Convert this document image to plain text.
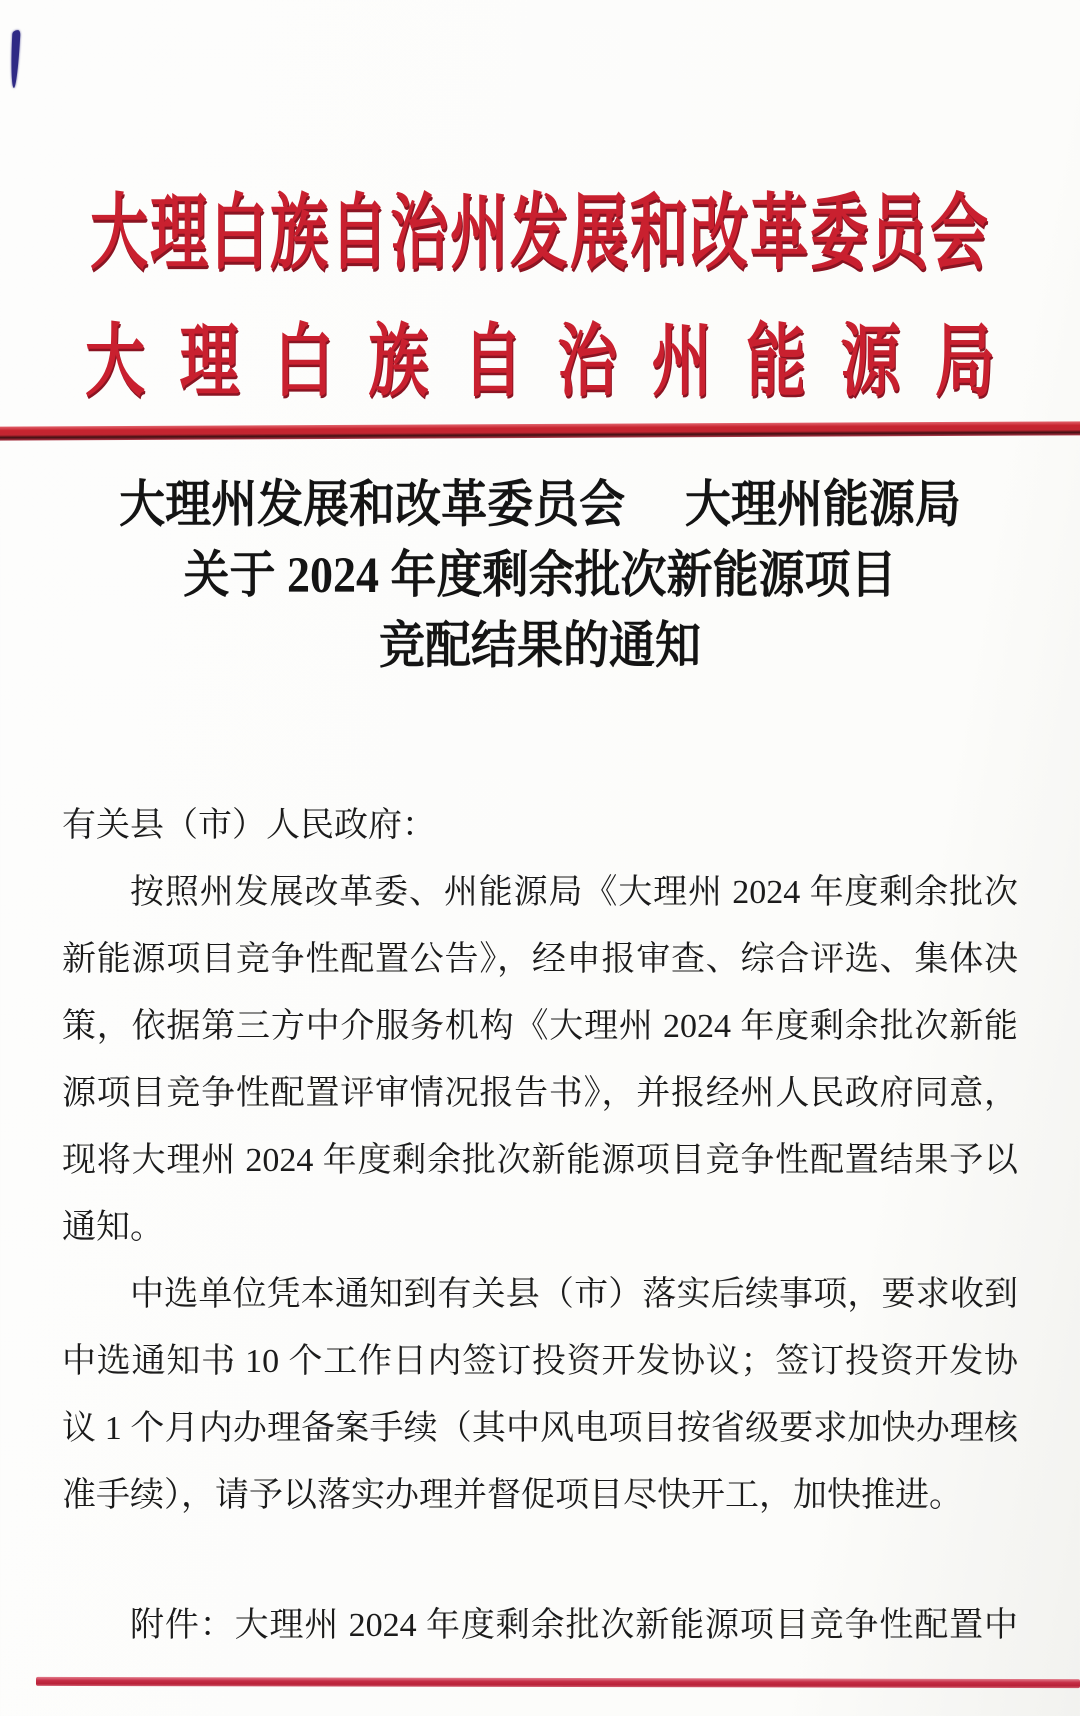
大理白族自治州发展和改革委员会
大理白族自治州能源局
大理州发展和改革委员会 大理州能源局
关于 2024 年度剩余批次新能源项目
竞配结果的通知
有关县（市）人民政府：
按照州发展改革委、州能源局《大理州 2024 年度剩余批次
新能源项目竞争性配置公告》，经申报审查、综合评选、集体决
策，依据第三方中介服务机构《大理州 2024 年度剩余批次新能
源项目竞争性配置评审情况报告书》，并报经州人民政府同意，
现将大理州 2024 年度剩余批次新能源项目竞争性配置结果予以
通知。
中选单位凭本通知到有关县（市）落实后续事项，要求收到
中选通知书 10 个工作日内签订投资开发协议；签订投资开发协
议 1 个月内办理备案手续（其中风电项目按省级要求加快办理核
准手续），请予以落实办理并督促项目尽快开工，加快推进。
附件：大理州 2024 年度剩余批次新能源项目竞争性配置中
